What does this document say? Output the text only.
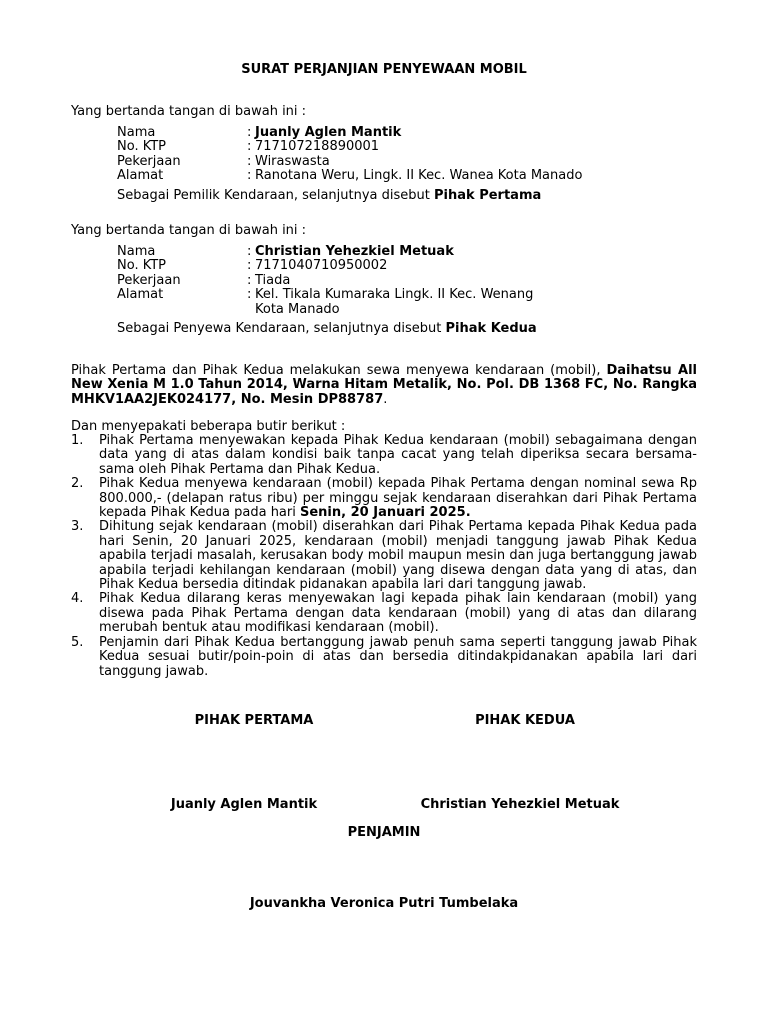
SURAT PERJANJIAN PENYEWAAN MOBIL
Yang bertanda tangan di bawah ini :
Nama	: Juanly Aglen Mantik
No. KTP	: 717107218890001
Pekerjaan	: Wiraswasta
Alamat	: Ranotana Weru, Lingk. II Kec. Wanea Kota Manado
Sebagai Pemilik Kendaraan, selanjutnya disebut Pihak Pertama
Yang bertanda tangan di bawah ini :
Nama	: Christian Yehezkiel Metuak
No. KTP	: 7171040710950002
Pekerjaan	: Tiada
Alamat	: Kel. Tikala Kumaraka Lingk. II Kec. Wenang Kota Manado
Sebagai Penyewa Kendaraan, selanjutnya disebut Pihak Kedua
Pihak Pertama dan Pihak Kedua melakukan sewa menyewa kendaraan (mobil), Daihatsu All New Xenia M 1.0 Tahun 2014, Warna Hitam Metalik, No. Pol. DB 1368 FC, No. Rangka MHKV1AA2JEK024177, No. Mesin DP88787.
Dan menyepakati beberapa butir berikut :
1.	Pihak Pertama menyewakan kepada Pihak Kedua kendaraan (mobil) sebagaimana dengan data yang di atas dalam kondisi baik tanpa cacat yang telah diperiksa secara bersama-sama oleh Pihak Pertama dan Pihak Kedua.
2.	Pihak Kedua menyewa kendaraan (mobil) kepada Pihak Pertama dengan nominal sewa Rp 800.000,- (delapan ratus ribu) per minggu sejak kendaraan diserahkan dari Pihak Pertama kepada Pihak Kedua pada hari Senin, 20 Januari 2025.
3.	Dihitung sejak kendaraan (mobil) diserahkan dari Pihak Pertama kepada Pihak Kedua pada hari Senin, 20 Januari 2025, kendaraan (mobil) menjadi tanggung jawab Pihak Kedua apabila terjadi masalah, kerusakan body mobil maupun mesin dan juga bertanggung jawab apabila terjadi kehilangan kendaraan (mobil) yang disewa dengan data yang di atas, dan Pihak Kedua bersedia ditindak pidanakan apabila lari dari tanggung jawab.
4.	Pihak Kedua dilarang keras menyewakan lagi kepada pihak lain kendaraan (mobil) yang disewa pada Pihak Pertama dengan data kendaraan (mobil) yang di atas dan dilarang merubah bentuk atau modifikasi kendaraan (mobil).
5.	Penjamin dari Pihak Kedua bertanggung jawab penuh sama seperti tanggung jawab Pihak Kedua sesuai butir/poin-poin di atas dan bersedia ditindakpidanakan apabila lari dari tanggung jawab.
PIHAK PERTAMA	PIHAK KEDUA
Juanly Aglen Mantik	Christian Yehezkiel Metuak
PENJAMIN
Jouvankha Veronica Putri Tumbelaka
